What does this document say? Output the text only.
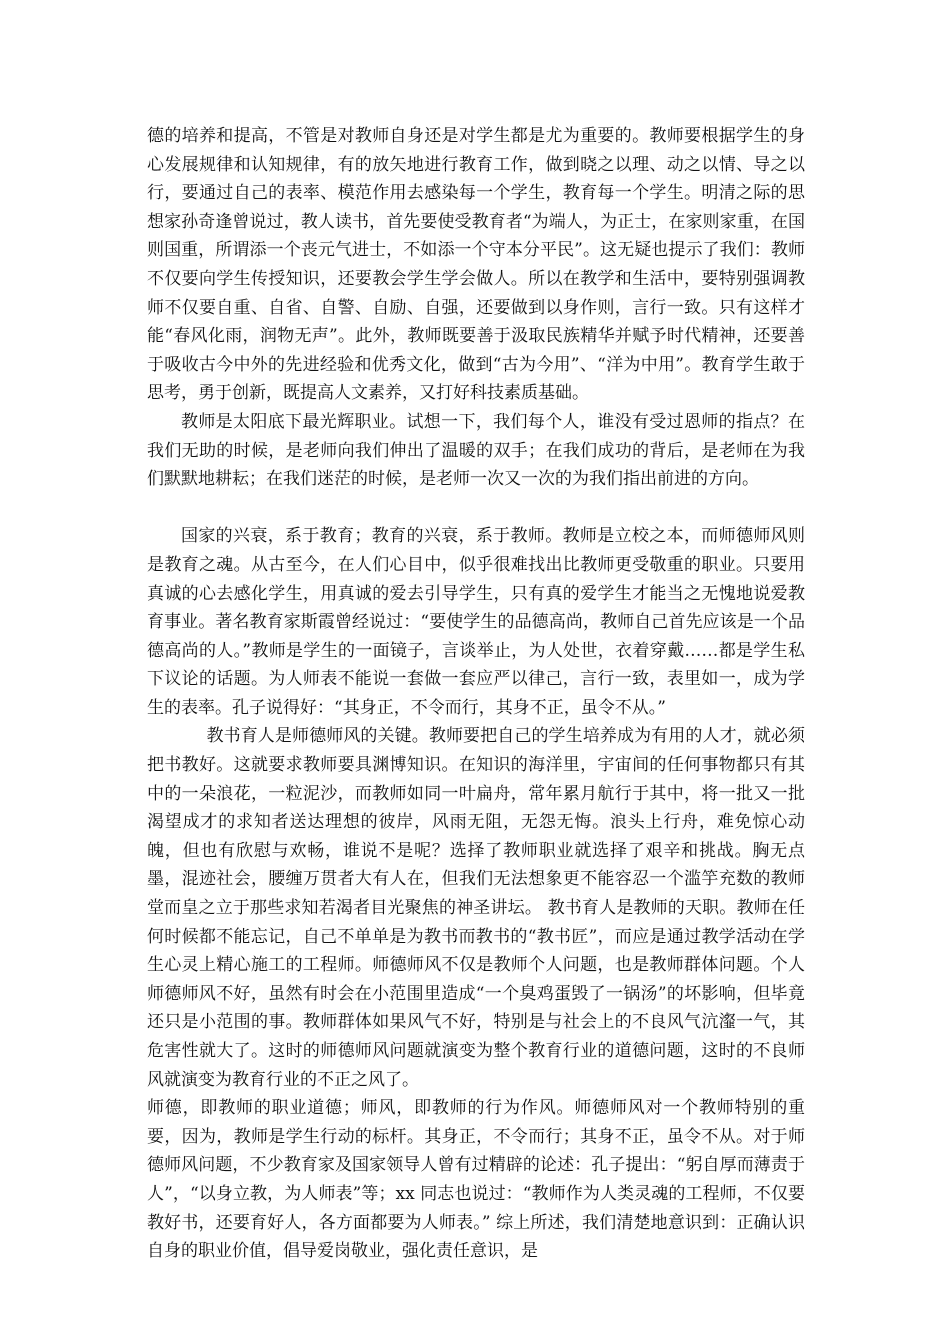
德的培养和提高，不管是对教师自身还是对学生都是尤为重要的。教师要根据学生的身心发展规律和认知规律，有的放矢地进行教育工作，做到晓之以理、动之以情、导之以行，要通过自己的表率、模范作用去感染每一个学生，教育每一个学生。明清之际的思想家孙奇逢曾说过，教人读书，首先要使受教育者“为端人，为正士，在家则家重，在国则国重，所谓添一个丧元气进士，不如添一个守本分平民”。这无疑也提示了我们：教师不仅要向学生传授知识，还要教会学生学会做人。所以在教学和生活中，要特别强调教师不仅要自重、自省、自警、自励、自强，还要做到以身作则，言行一致。只有这样才能“春风化雨，润物无声”。此外，教师既要善于汲取民族精华并赋予时代精神，还要善于吸收古今中外的先进经验和优秀文化，做到“古为今用”、“洋为中用”。教育学生敢于思考，勇于创新，既提高人文素养，又打好科技素质基础。

教师是太阳底下最光辉职业。试想一下，我们每个人，谁没有受过恩师的指点？在我们无助的时候，是老师向我们伸出了温暖的双手；在我们成功的背后，是老师在为我们默默地耕耘；在我们迷茫的时候，是老师一次又一次的为我们指出前进的方向。

国家的兴衰，系于教育；教育的兴衰，系于教师。教师是立校之本，而师德师风则是教育之魂。从古至今，在人们心目中，似乎很难找出比教师更受敬重的职业。只要用真诚的心去感化学生，用真诚的爱去引导学生，只有真的爱学生才能当之无愧地说爱教育事业。著名教育家斯霞曾经说过：“要使学生的品德高尚，教师自己首先应该是一个品德高尚的人。”教师是学生的一面镜子，言谈举止，为人处世，衣着穿戴……都是学生私下议论的话题。为人师表不能说一套做一套应严以律己，言行一致，表里如一，成为学生的表率。孔子说得好：“其身正，不令而行，其身不正，虽令不从。”

教书育人是师德师风的关键。教师要把自己的学生培养成为有用的人才，就必须把书教好。这就要求教师要具渊博知识。在知识的海洋里，宇宙间的任何事物都只有其中的一朵浪花，一粒泥沙，而教师如同一叶扁舟，常年累月航行于其中，将一批又一批渴望成才的求知者送达理想的彼岸，风雨无阻，无怨无悔。浪头上行舟，难免惊心动魄，但也有欣慰与欢畅，谁说不是呢？选择了教师职业就选择了艰辛和挑战。胸无点墨，混迹社会，腰缠万贯者大有人在，但我们无法想象更不能容忍一个滥竽充数的教师堂而皇之立于那些求知若渴者目光聚焦的神圣讲坛。 教书育人是教师的天职。教师在任何时候都不能忘记，自己不单单是为教书而教书的“教书匠”，而应是通过教学活动在学生心灵上精心施工的工程师。师德师风不仅是教师个人问题，也是教师群体问题。个人师德师风不好，虽然有时会在小范围里造成“一个臭鸡蛋毁了一锅汤”的坏影响，但毕竟还只是小范围的事。教师群体如果风气不好，特别是与社会上的不良风气沆瀣一气，其危害性就大了。这时的师德师风问题就演变为整个教育行业的道德问题，这时的不良师风就演变为教育行业的不正之风了。

师德，即教师的职业道德；师风，即教师的行为作风。师德师风对一个教师特别的重要，因为，教师是学生行动的标杆。其身正，不令而行；其身不正，虽令不从。对于师德师风问题，不少教育家及国家领导人曾有过精辟的论述：孔子提出：“躬自厚而薄责于人”，“以身立教，为人师表”等；xx 同志也说过：“教师作为人类灵魂的工程师，不仅要教好书，还要育好人，各方面都要为人师表。” 综上所述，我们清楚地意识到：正确认识自身的职业价值，倡导爱岗敬业，强化责任意识，是
